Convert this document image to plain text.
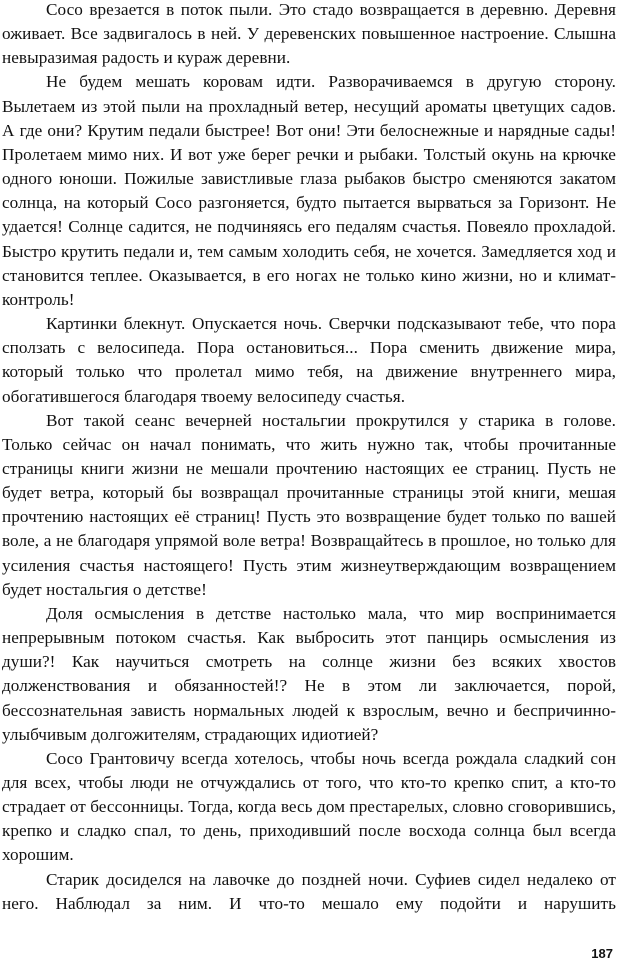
Сосо врезается в поток пыли. Это стадо возвращается в деревню. Деревня оживает. Все задвигалось в ней. У деревенских повышенное настроение. Слышна невыразимая радость и кураж деревни.

Не будем мешать коровам идти. Разворачиваемся в другую сторону. Вылетаем из этой пыли на прохладный ветер, несущий ароматы цветущих садов. А где они? Крутим педали быстрее! Вот они! Эти белоснежные и нарядные сады! Пролетаем мимо них. И вот уже берег речки и рыбаки. Толстый окунь на крючке одного юноши. Пожилые завистливые глаза рыбаков быстро сменяются закатом солнца, на который Сосо разгоняется, будто пытается вырваться за Горизонт. Не удается! Солнце садится, не подчиняясь его педалям счастья. Повеяло прохладой. Быстро крутить педали и, тем самым холодить себя, не хочется. Замедляется ход и становится теплее. Оказывается, в его ногах не только кино жизни, но и климат-контроль!

Картинки блекнут. Опускается ночь. Сверчки подсказывают тебе, что пора сползать с велосипеда. Пора остановиться... Пора сменить движение мира, который только что пролетал мимо тебя, на движение внутреннего мира, обогатившегося благодаря твоему велосипеду счастья.

Вот такой сеанс вечерней ностальгии прокрутился у старика в голове. Только сейчас он начал понимать, что жить нужно так, чтобы прочитанные страницы книги жизни не мешали прочтению настоящих ее страниц. Пусть не будет ветра, который бы возвращал прочитанные страницы этой книги, мешая прочтению настоящих её страниц! Пусть это возвращение будет только по вашей воле, а не благодаря упрямой воле ветра! Возвращайтесь в прошлое, но только для усиления счастья настоящего! Пусть этим жизнеутверждающим возвращением будет ностальгия о детстве!

Доля осмысления в детстве настолько мала, что мир воспринимается непрерывным потоком счастья. Как выбросить этот панцирь осмысления из души?! Как научиться смотреть на солнце жизни без всяких хвостов долженствования и обязанностей!? Не в этом ли заключается, порой, бессознательная зависть нормальных людей к взрослым, вечно и беспричинно-улыбчивым долгожителям, страдающих идиотией?

Сосо Грантовичу всегда хотелось, чтобы ночь всегда рождала сладкий сон для всех, чтобы люди не отчуждались от того, что кто-то крепко спит, а кто-то страдает от бессонницы. Тогда, когда весь дом престарелых, словно сговорившись, крепко и сладко спал, то день, приходивший после восхода солнца был всегда хорошим.

Старик досиделся на лавочке до поздней ночи. Суфиев сидел недалеко от него. Наблюдал за ним. И что-то мешало ему подойти и нарушить

187
